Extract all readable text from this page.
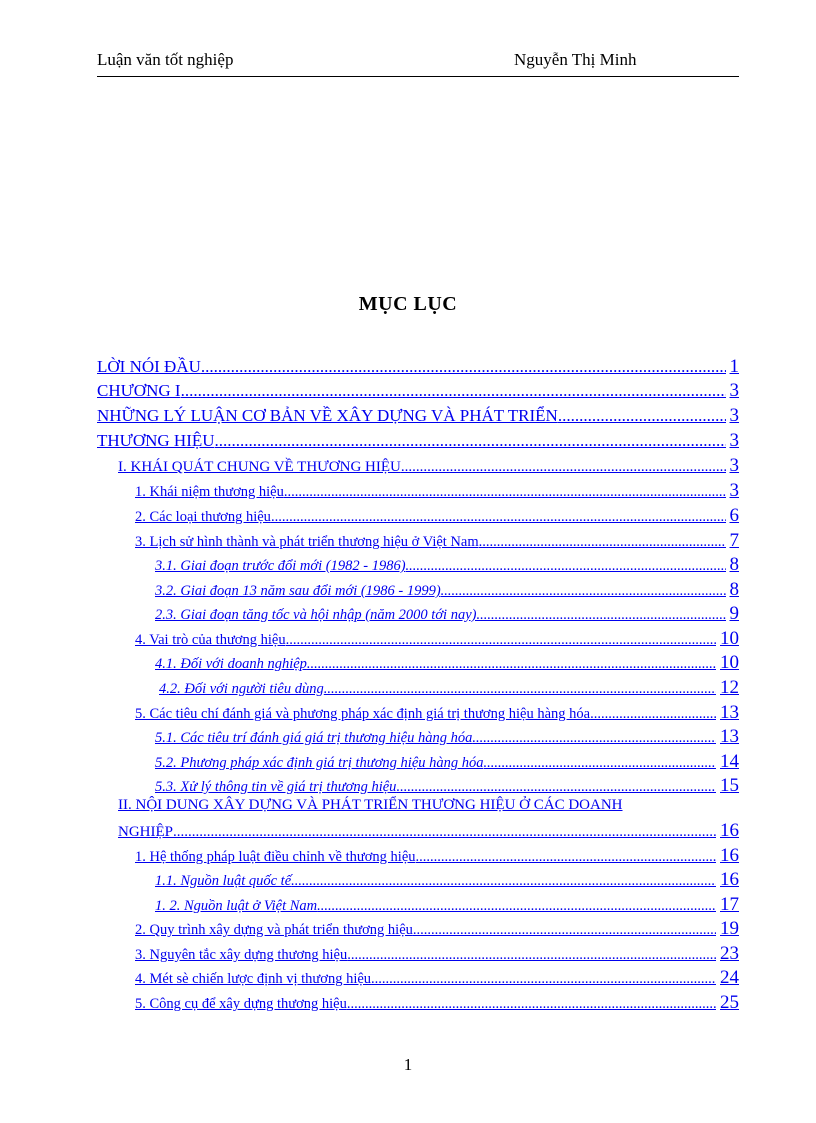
Luận văn tốt nghiệp	Nguyễn Thị Minh
MỤC LỤC
LỜI NÓI ĐẦU .....	1
CHƯƠNG I .....	3
NHỮNG LÝ LUẬN CƠ BẢN VỀ XÂY DỰNG VÀ PHÁT TRIỂN .....	3
THƯƠNG HIỆU .....	3
I. KHÁI QUÁT CHUNG VỀ THƯƠNG HIỆU .....	3
1. Khái niệm thương hiệu .....	3
2. Các loại thương hiệu .....	6
3. Lịch sử hình thành và phát triển thương hiệu ở Việt Nam .....	7
3.1. Giai đoạn trước đổi mới (1982 - 1986) .....	8
3.2. Giai đoạn 13 năm sau đổi mới (1986 - 1999) .....	8
2.3. Giai đoạn tăng tốc và hội nhập (năm 2000 tới nay) .....	9
4. Vai trò của thương hiệu .....	10
4.1. Đối với doanh nghiệp .....	10
4.2. Đối với người tiêu dùng .....	12
5. Các tiêu chí đánh giá và phương pháp xác định giá trị thương hiệu hàng hóa .....	13
5.1. Các tiêu trí đánh giá giá trị thương hiệu hàng hóa .....	13
5.2. Phương pháp xác định giá trị thương hiệu hàng hóa .....	14
5.3. Xử lý thông tin về giá trị thương hiệu .....	15
II. NỘI DUNG XÂY DỰNG VÀ PHÁT TRIỂN THƯƠNG HIỆU Ở CÁC DOANH
NGHIỆP .....	16
1. Hệ thống pháp luật điều chỉnh về thương hiệu .....	16
1.1. Nguồn luật quốc tế .....	16
1. 2. Nguồn luật ở Việt Nam .....	17
2. Quy trình xây dựng và phát triển thương hiệu .....	19
3. Nguyên tắc xây dựng thương hiệu .....	23
4. Mét sè chiến lược định vị thương hiệu .....	24
5. Công cụ để xây dựng thương hiệu .....	25
1
